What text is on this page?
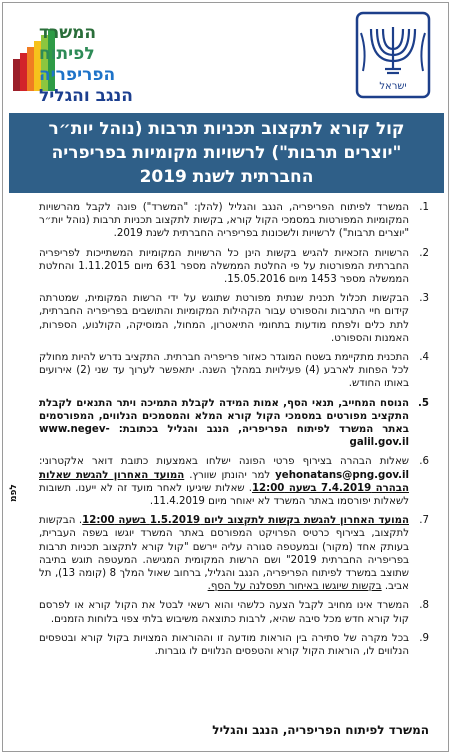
ישראל
המשרד
לפיתוח
הפריפריה
הנגב והגליל
קול קורא לתקצוב תכניות תרבות (נוהל יות״ר "יוצרים תרבות") לרשויות מקומיות בפריפריה החברתית לשנת 2019
לפמ
1.
המשרד לפיתוח הפריפריה, הנגב והגליל (להלן: "המשרד") פונה לקבל מהרשויות המקומיות המפורטות במסמכי הקול קורא, בקשות לתקצוב תכניות תרבות (נוהל יות״ר "יוצרים תרבות") לרשויות ולשכונות בפריפריה החברתית לשנת 2019.
2.
הרשויות הזכאיות להגיש בקשות הינן כל הרשויות המקומיות המשתייכות לפריפריה החברתית המפורטות על פי החלטת הממשלה מספר 631 מיום 1.11.2015 והחלטת הממשלה מספר 1453 מיום 15.05.2016.
3.
הבקשות תכלול תכנית שנתית מפורטת שתוגש על ידי הרשות המקומית, שמטרתה קידום חיי התרבות והספורט עבור הקהילות המקומיות והתושבים בפריפריה החברתית, לתת כלים ולפתח מודעות בתחומי התיאטרון, המחול, המוסיקה, הקולנוע, הספרות, האמנות והספורט.
4.
התכנית מתקיימת בשטח המוגדר כאזור פריפריה חברתית. התקציב נדרש להיות מחולק לכל הפחות לארבע (4) פעילויות במהלך השנה. יתאפשר לערוך עד שני (2) אירועים באותו החודש.
5.
הנוסח המחייב, תנאי הסף, אמות המידה לקבלת התמיכה ויתר התנאים לקבלת התקציב מפורטים במסמכי הקול קורא המלא והמסמכים הנלווים, המפורסמים באתר המשרד לפיתוח הפריפריה, הנגב והגליל בכתובת: www.negev-galil.gov.il
6.
שאלות הבהרה בצירוף פרטי הפונה ישלחו באמצעות כתובת דואר אלקטרוני: yehonatans@png.gov.il למר יהונתן שוורץ. המועד האחרון להגשת שאלות הבהרה 7.4.2019 בשעה 12:00. שאלות שיגיעו לאחר מועד זה לא ייענו. תשובות לשאלות יפורסמו באתר המשרד לא יאוחר מיום 11.4.2019.
7.
המועד האחרון להגשת בקשות לתקצוב ליום 1.5.2019 בשעה 12:00. הבקשות לתקצוב, בצירוף כרטיס הפרויקט המפורסם באתר המשרד יוגשו בשפה העברית, בעותק אחד (מקור) ובמעטפה סגורה עליה יירשם "קול קורא לתקצוב תכניות תרבות בפריפריה החברתית 2019" ושם הרשות המקומית המגישה. המעטפה תוגש בתיבה שתוצב במשרד לפיתוח הפריפריה, הנגב והגליל, ברחוב שאול המלך 8 (קומה 13), תל אביב. בקשות שיוגשו באיחור תפסלנה על הסף.
8.
המשרד אינו מחויב לקבל הצעה כלשהי והוא רשאי לבטל את הקול קורא או לפרסם קול קורא חדש מכל סיבה שהיא, לרבות כתוצאה משיבוש בלתי צפוי בלוחות הזמנים.
9.
בכל מקרה של סתירה בין הוראות מודעה זו וההוראות המצויות בקול קורא ובטפסים הנלווים לו, הוראות הקול קורא והטפסים הנלווים לו גוברות.
המשרד לפיתוח הפריפריה, הנגב והגליל
